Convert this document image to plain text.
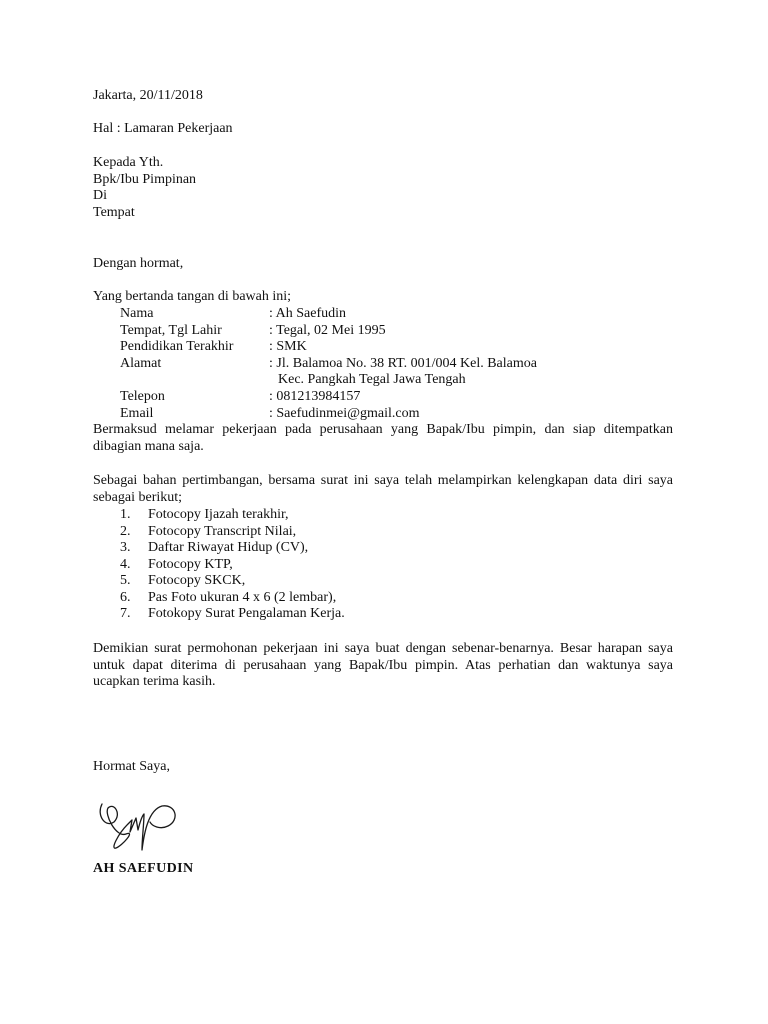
Jakarta, 20/11/2018
Hal : Lamaran Pekerjaan
Kepada Yth.
Bpk/Ibu Pimpinan
Di
Tempat
Dengan hormat,
Yang bertanda tangan di bawah ini;
Nama	: Ah Saefudin
Tempat, Tgl Lahir	: Tegal, 02 Mei 1995
Pendidikan Terakhir	: SMK
Alamat	: Jl. Balamoa No. 38 RT. 001/004 Kel. Balamoa
Kec. Pangkah Tegal Jawa Tengah
Telepon	: 081213984157
Email	: Saefudinmei@gmail.com

Bermaksud melamar pekerjaan pada perusahaan yang Bapak/Ibu pimpin, dan siap ditempatkan dibagian mana saja.

Sebagai bahan pertimbangan, bersama surat ini saya telah melampirkan kelengkapan data diri saya sebagai berikut;

1. Fotocopy Ijazah terakhir,
2. Fotocopy Transcript Nilai,
3. Daftar Riwayat Hidup (CV),
4. Fotocopy KTP,
5. Fotocopy SKCK,
6. Pas Foto ukuran 4 x 6 (2 lembar),
7. Fotokopy Surat Pengalaman Kerja.

Demikian surat permohonan pekerjaan ini saya buat dengan sebenar-benarnya. Besar harapan saya untuk dapat diterima di perusahaan yang Bapak/Ibu pimpin. Atas perhatian dan waktunya saya ucapkan terima kasih.

Hormat Saya,
AH SAEFUDIN
